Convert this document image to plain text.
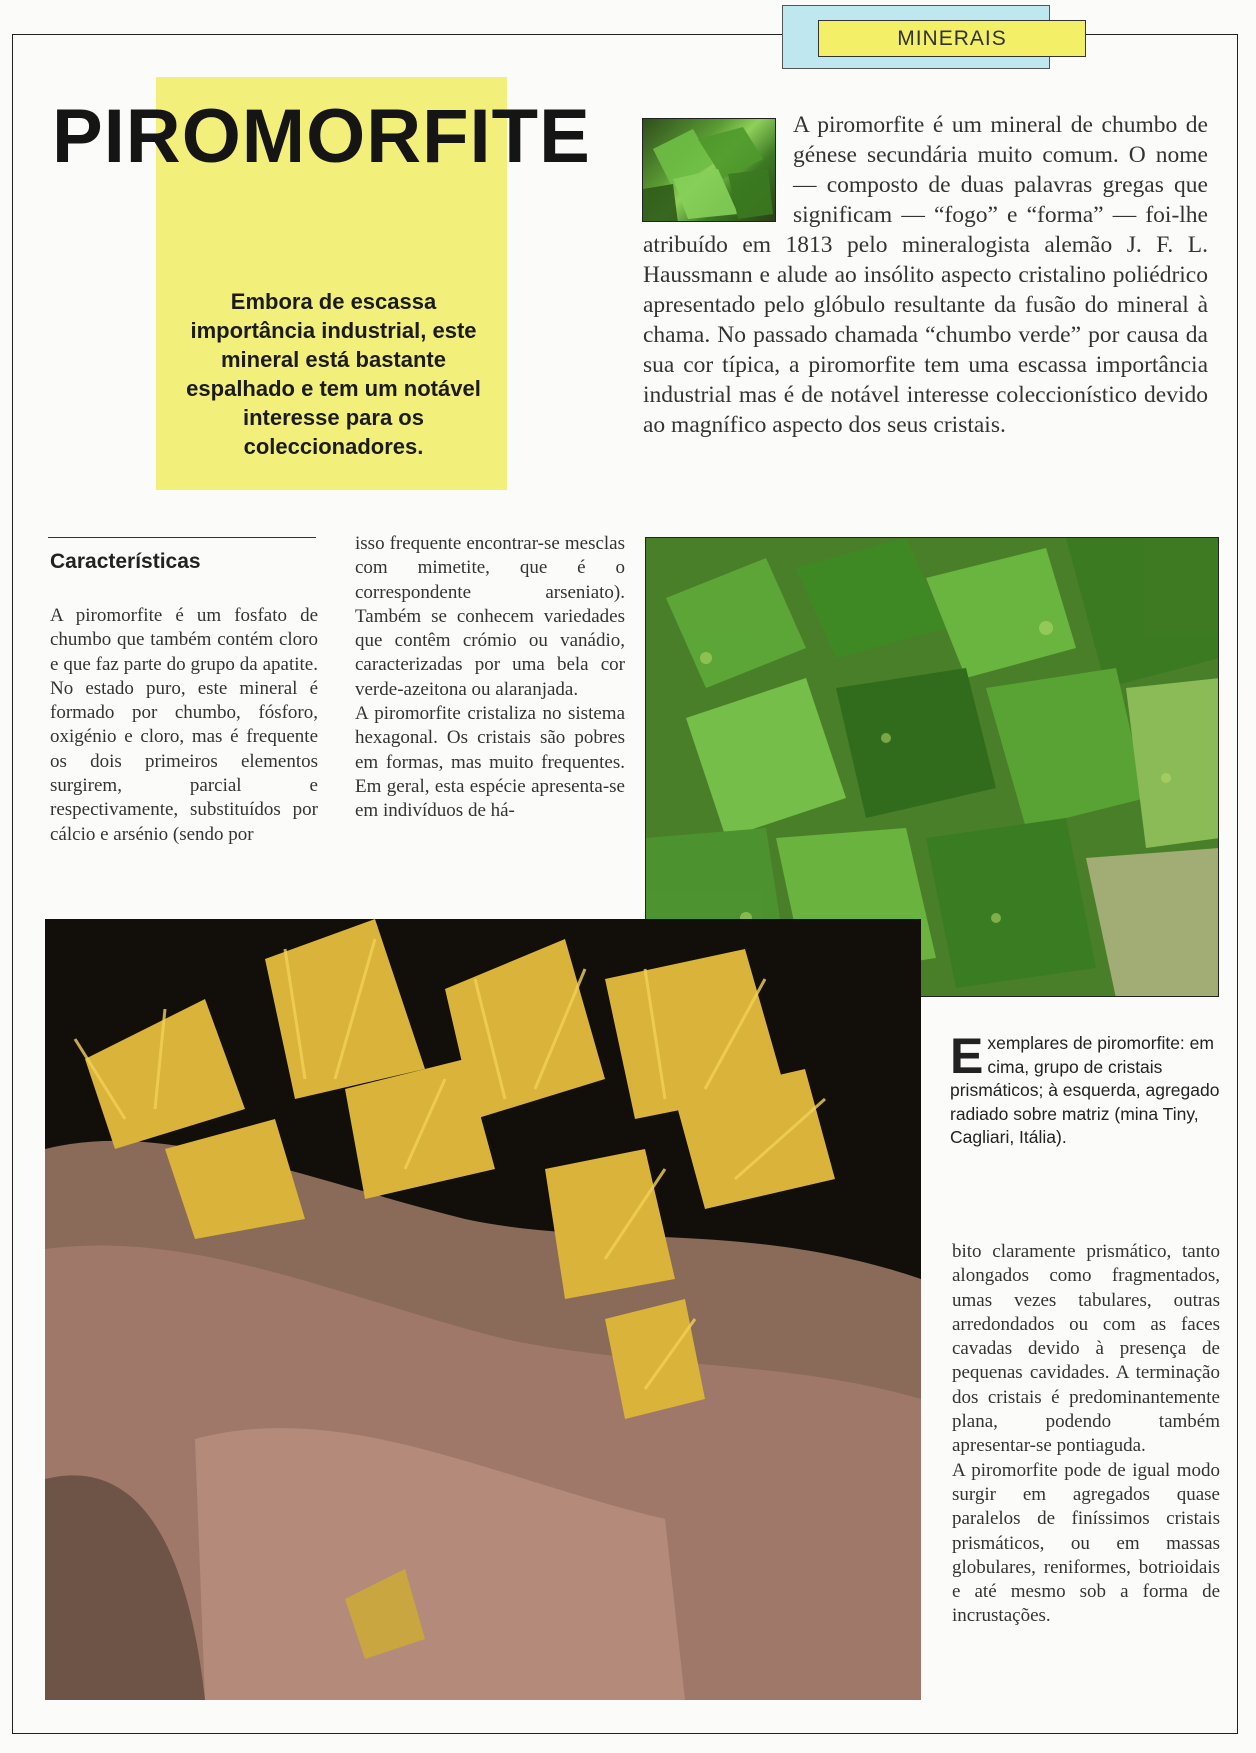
MINERAIS
PIROMORFITE

Embora de escassa importância industrial, este mineral está bastante espalhado e tem um notável interesse para os coleccionadores.

A piromorfite é um mineral de chumbo de génese secundária muito comum. O nome — composto de duas palavras gregas que significam — “fogo” e “forma” — foi-lhe atribuído em 1813 pelo mineralogista alemão J. F. L. Haussmann e alude ao insólito aspecto cristalino poliédrico apresentado pelo glóbulo resultante da fusão do mineral à chama. No passado chamada “chumbo verde” por causa da sua cor típica, a piromorfite tem uma escassa importância industrial mas é de notável interesse coleccionístico devido ao magnífico aspecto dos seus cristais.

Características

A piromorfite é um fosfato de chumbo que também contém cloro e que faz parte do grupo da apatite. No estado puro, este mineral é formado por chumbo, fósforo, oxigénio e cloro, mas é frequente os dois primeiros elementos surgirem, parcial e respectivamente, substituídos por cálcio e arsénio (sendo por

isso frequente encontrar-se mesclas com mimetite, que é o correspondente arseniato). Também se conhecem variedades que contêm crómio ou vanádio, caracterizadas por uma bela cor verde-azeitona ou alaranjada.

A piromorfite cristaliza no sistema hexagonal. Os cristais são pobres em formas, mas muito frequentes. Em geral, esta espécie apresenta-se em indivíduos de há-

Exemplares de piromorfite: em cima, grupo de cristais prismáticos; à esquerda, agregado radiado sobre matriz (mina Tiny, Cagliari, Itália).

bito claramente prismático, tanto alongados como fragmentados, umas vezes tabulares, outras arredondados ou com as faces cavadas devido à presença de pequenas cavidades. A terminação dos cristais é predominantemente plana, podendo também apresentar-se pontiaguda.

A piromorfite pode de igual modo surgir em agregados quase paralelos de finíssimos cristais prismáticos, ou em massas globulares, reniformes, botrioidais e até mesmo sob a forma de incrustações.
